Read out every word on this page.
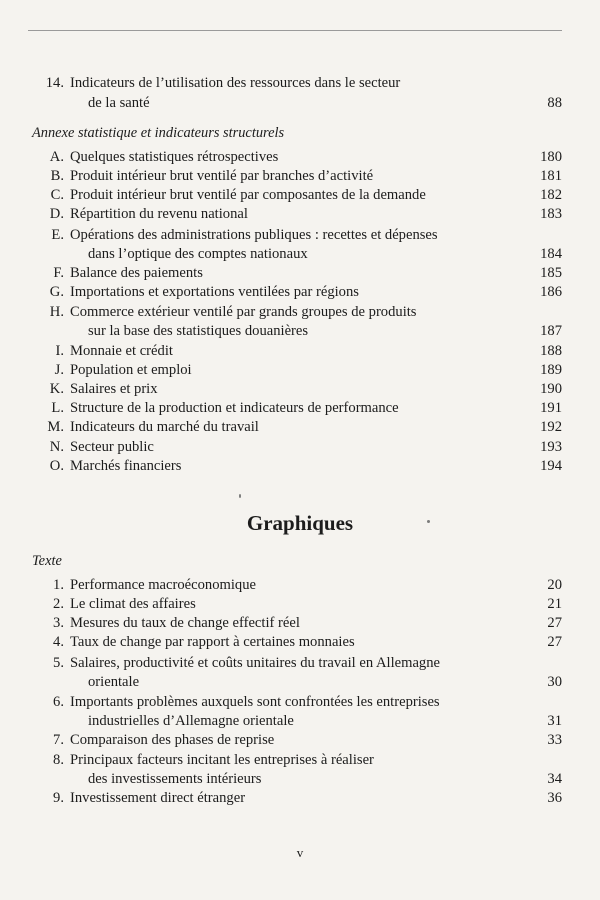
14. Indicateurs de l’utilisation des ressources dans le secteur
de la santé	88
Annexe statistique et indicateurs structurels
A. Quelques statistiques rétrospectives	180
B. Produit intérieur brut ventilé par branches d’activité	181
C. Produit intérieur brut ventilé par composantes de la demande	182
D. Répartition du revenu national	183
E. Opérations des administrations publiques : recettes et dépenses
dans l’optique des comptes nationaux	184
F. Balance des paiements	185
G. Importations et exportations ventilées par régions	186
H. Commerce extérieur ventilé par grands groupes de produits
sur la base des statistiques douanières	187
I. Monnaie et crédit	188
J. Population et emploi	189
K. Salaires et prix	190
L. Structure de la production et indicateurs de performance	191
M. Indicateurs du marché du travail	192
N. Secteur public	193
O. Marchés financiers	194
Graphiques
Texte
1. Performance macroéconomique	20
2. Le climat des affaires	21
3. Mesures du taux de change effectif réel	27
4. Taux de change par rapport à certaines monnaies	27
5. Salaires, productivité et coûts unitaires du travail en Allemagne
orientale	30
6. Importants problèmes auxquels sont confrontées les entreprises
industrielles d’Allemagne orientale	31
7. Comparaison des phases de reprise	33
8. Principaux facteurs incitant les entreprises à réaliser
des investissements intérieurs	34
9. Investissement direct étranger	36
v
